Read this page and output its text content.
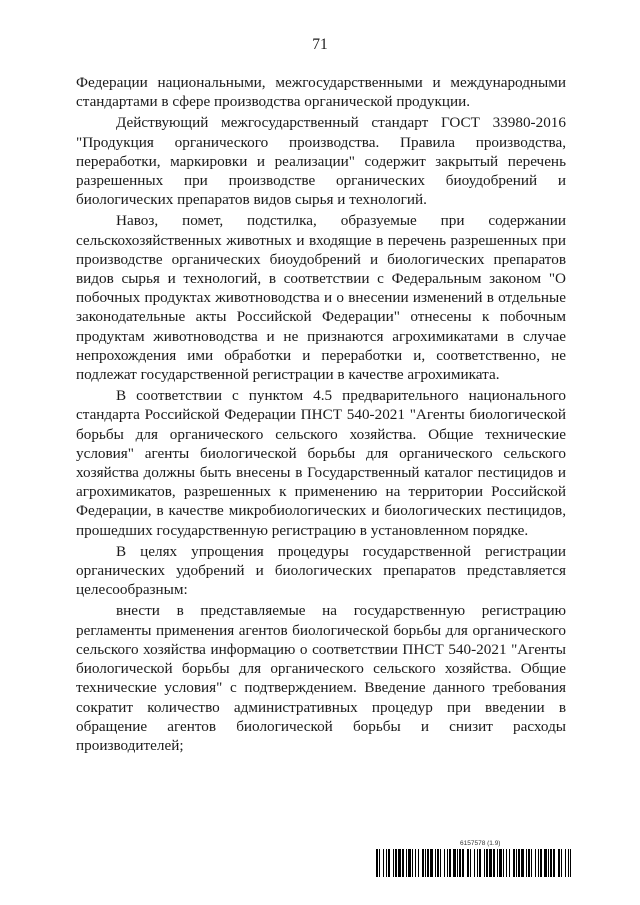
71

Федерации национальными, межгосударственными и международными стандартами в сфере производства органической продукции.

Действующий межгосударственный стандарт ГОСТ 33980-2016 "Продукция органического производства. Правила производства, переработки, маркировки и реализации" содержит закрытый перечень разрешенных при производстве органических биоудобрений и биологических препаратов видов сырья и технологий.

Навоз, помет, подстилка, образуемые при содержании сельскохозяйственных животных и входящие в перечень разрешенных при производстве органических биоудобрений и биологических препаратов видов сырья и технологий, в соответствии с Федеральным законом "О побочных продуктах животноводства и о внесении изменений в отдельные законодательные акты Российской Федерации" отнесены к побочным продуктам животноводства и не признаются агрохимикатами в случае непрохождения ими обработки и переработки и, соответственно, не подлежат государственной регистрации в качестве агрохимиката.

В соответствии с пунктом 4.5 предварительного национального стандарта Российской Федерации ПНСТ 540-2021 "Агенты биологической борьбы для органического сельского хозяйства. Общие технические условия" агенты биологической борьбы для органического сельского хозяйства должны быть внесены в Государственный каталог пестицидов и агрохимикатов, разрешенных к применению на территории Российской Федерации, в качестве микробиологических и биологических пестицидов, прошедших государственную регистрацию в установленном порядке.

В целях упрощения процедуры государственной регистрации органических удобрений и биологических препаратов представляется целесообразным:

внести в представляемые на государственную регистрацию регламенты применения агентов биологической борьбы для органического сельского хозяйства информацию о соответствии ПНСТ 540-2021 "Агенты биологической борьбы для органического сельского хозяйства. Общие технические условия" с подтверждением. Введение данного требования сократит количество административных процедур при введении в обращение агентов биологической борьбы и снизит расходы производителей;

6157578 (1.9)
